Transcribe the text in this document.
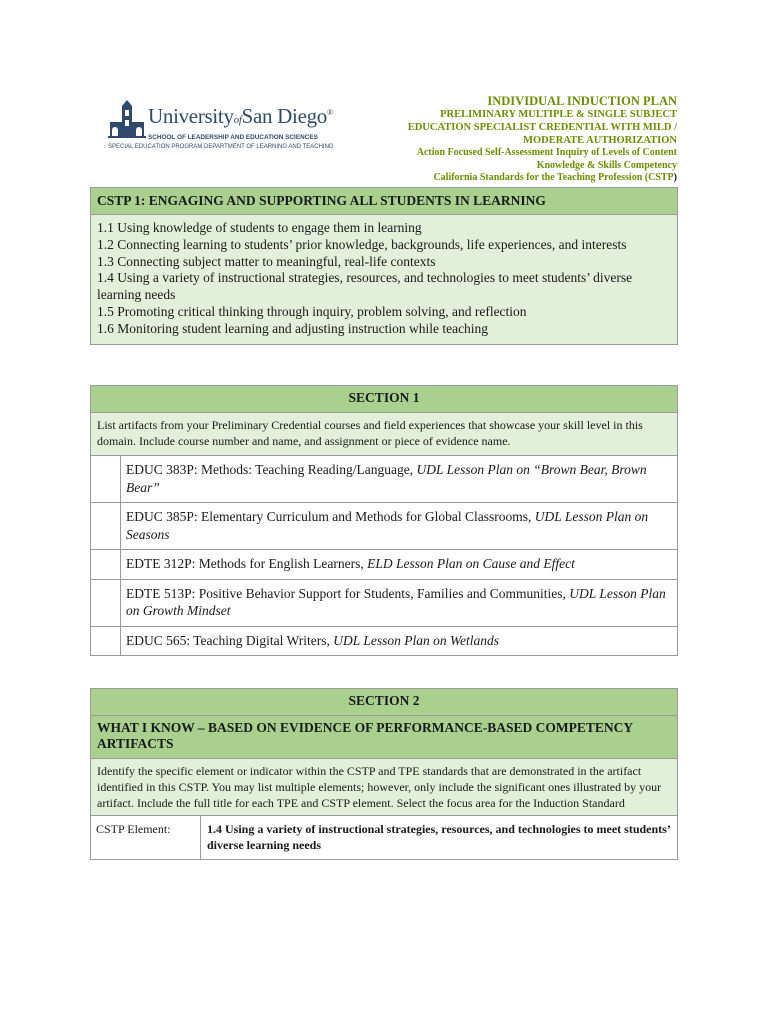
UniversityofSan Diego®
SCHOOL OF LEADERSHIP AND EDUCATION SCIENCES
SPECIAL EDUCATION PROGRAM DEPARTMENT OF LEARNING AND TEACHING
INDIVIDUAL INDUCTION PLAN
PRELIMINARY MULTIPLE & SINGLE SUBJECT
EDUCATION SPECIALIST CREDENTIAL WITH MILD /
MODERATE AUTHORIZATION
Action Focused Self-Assessment Inquiry of Levels of Content
Knowledge & Skills Competency
California Standards for the Teaching Profession (CSTP)
CSTP 1: ENGAGING AND SUPPORTING ALL STUDENTS IN LEARNING

1.1 Using knowledge of students to engage them in learning
1.2 Connecting learning to students’ prior knowledge, backgrounds, life experiences, and interests
1.3 Connecting subject matter to meaningful, real-life contexts
1.4 Using a variety of instructional strategies, resources, and technologies to meet students’ diverse learning needs
1.5 Promoting critical thinking through inquiry, problem solving, and reflection
1.6 Monitoring student learning and adjusting instruction while teaching
SECTION 1	
List artifacts from your Preliminary Credential courses and field experiences that showcase your skill level in this domain. Include course number and name, and assignment or piece of evidence name.	
	EDUC 383P: Methods: Teaching Reading/Language, UDL Lesson Plan on “Brown Bear, Brown Bear”
	EDUC 385P: Elementary Curriculum and Methods for Global Classrooms, UDL Lesson Plan on Seasons
	EDTE 312P: Methods for English Learners, ELD Lesson Plan on Cause and Effect
	EDTE 513P: Positive Behavior Support for Students, Families and Communities, UDL Lesson Plan on Growth Mindset
	EDUC 565: Teaching Digital Writers, UDL Lesson Plan on Wetlands
SECTION 2
WHAT I KNOW – BASED ON EVIDENCE OF PERFORMANCE-BASED COMPETENCY ARTIFACTS
Identify the specific element or indicator within the CSTP and TPE standards that are demonstrated in the artifact identified in this CSTP. You may list multiple elements; however, only include the significant ones illustrated by your artifact. Include the full title for each TPE and CSTP element. Select the focus area for the Induction Standard
CSTP Element:	1.4 Using a variety of instructional strategies, resources, and technologies to meet students’ diverse learning needs
